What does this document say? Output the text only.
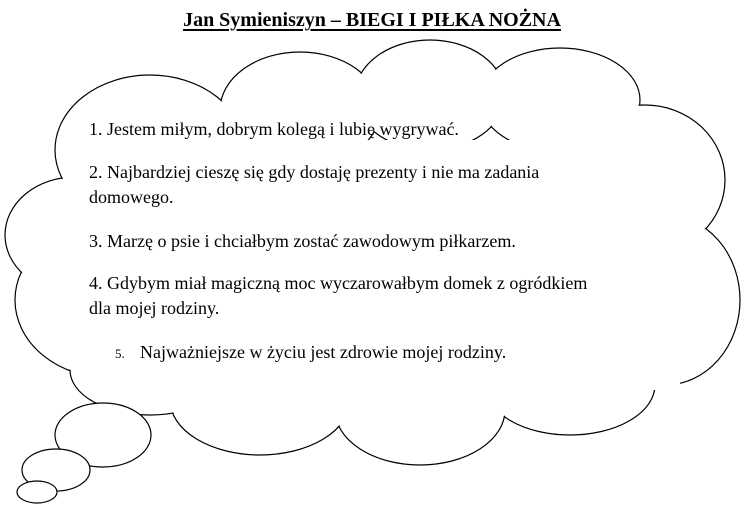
Jan Symieniszyn – BIEGI I PIŁKA NOŻNA
1. Jestem miłym, dobrym kolegą i lubię wygrywać.
2. Najbardziej cieszę się gdy dostaję prezenty i nie ma zadania
domowego.
3. Marzę o psie i chciałbym zostać zawodowym piłkarzem.
4. Gdybym miał magiczną moc wyczarowałbym domek z ogródkiem
dla mojej rodziny.
5. Najważniejsze w życiu jest zdrowie mojej rodziny.
